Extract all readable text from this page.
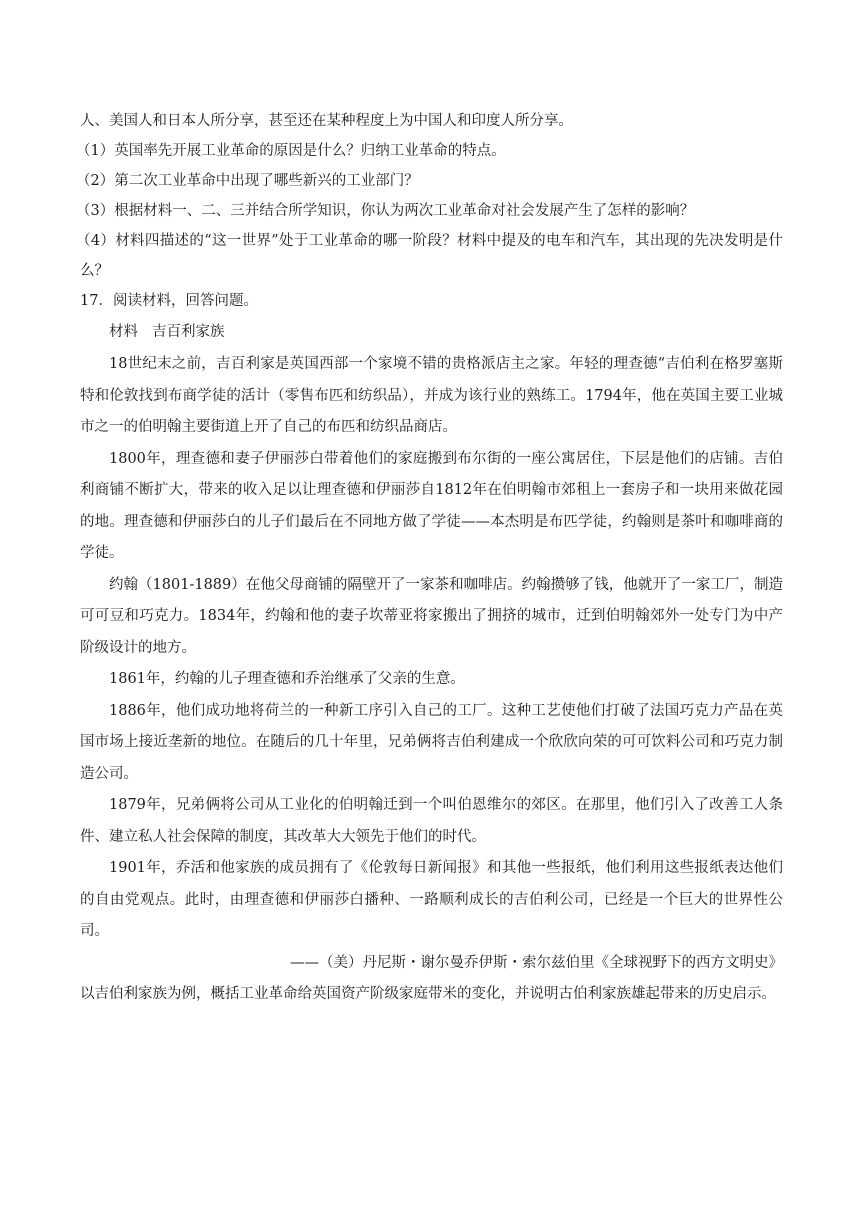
人、美国人和日本人所分享，甚至还在某种程度上为中国人和印度人所分享。

（1）英国率先开展工业革命的原因是什么？归纳工业革命的特点。

（2）第二次工业革命中出现了哪些新兴的工业部门？

（3）根据材料一、二、三并结合所学知识，你认为两次工业革命对社会发展产生了怎样的影响？

（4）材料四描述的“这一世界”处于工业革命的哪一阶段？材料中提及的电车和汽车，其出现的先决发明是什么？

17．阅读材料，回答问题。

材料 吉百利家族

18世纪末之前，吉百利家是英国西部一个家境不错的贵格派店主之家。年轻的理查德“吉伯利在格罗塞斯特和伦敦找到布商学徒的活计（零售布匹和纺织品），并成为该行业的熟练工。1794年，他在英国主要工业城市之一的伯明翰主要街道上开了自己的布匹和纺织品商店。

1800年，理查德和妻子伊丽莎白带着他们的家庭搬到布尔街的一座公寓居住，下层是他们的店铺。吉伯利商铺不断扩大，带来的收入足以让理查德和伊丽莎自1812年在伯明翰市郊租上一套房子和一块用来做花园的地。理查德和伊丽莎白的儿子们最后在不同地方做了学徒——本杰明是布匹学徒，约翰则是茶叶和咖啡商的学徒。

约翰（1801-1889）在他父母商铺的隔壁开了一家茶和咖啡店。约翰攒够了钱，他就开了一家工厂，制造可可豆和巧克力。1834年，约翰和他的妻子坎蒂亚将家搬出了拥挤的城市，迁到伯明翰郊外一处专门为中产阶级设计的地方。

1861年，约翰的儿子理查德和乔治继承了父亲的生意。

1886年，他们成功地将荷兰的一种新工序引入自己的工厂。这种工艺使他们打破了法国巧克力产品在英国市场上接近垄新的地位。在随后的几十年里，兄弟俩将吉伯利建成一个欣欣向荣的可可饮料公司和巧克力制造公司。

1879年，兄弟俩将公司从工业化的伯明翰迁到一个叫伯恩维尔的郊区。在那里，他们引入了改善工人条件、建立私人社会保障的制度，其改革大大领先于他们的时代。

1901年，乔活和他家族的成员拥有了《伦敦每日新闻报》和其他一些报纸，他们利用这些报纸表达他们的自由党观点。此时，由理查德和伊丽莎白播种、一路顺利成长的吉伯利公司，已经是一个巨大的世界性公司。

——（美）丹尼斯・谢尔曼乔伊斯・索尔兹伯里《全球视野下的西方文明史》

以吉伯利家族为例，概括工业革命给英国资产阶级家庭带米的变化，并说明古伯利家族雄起带来的历史启示。
